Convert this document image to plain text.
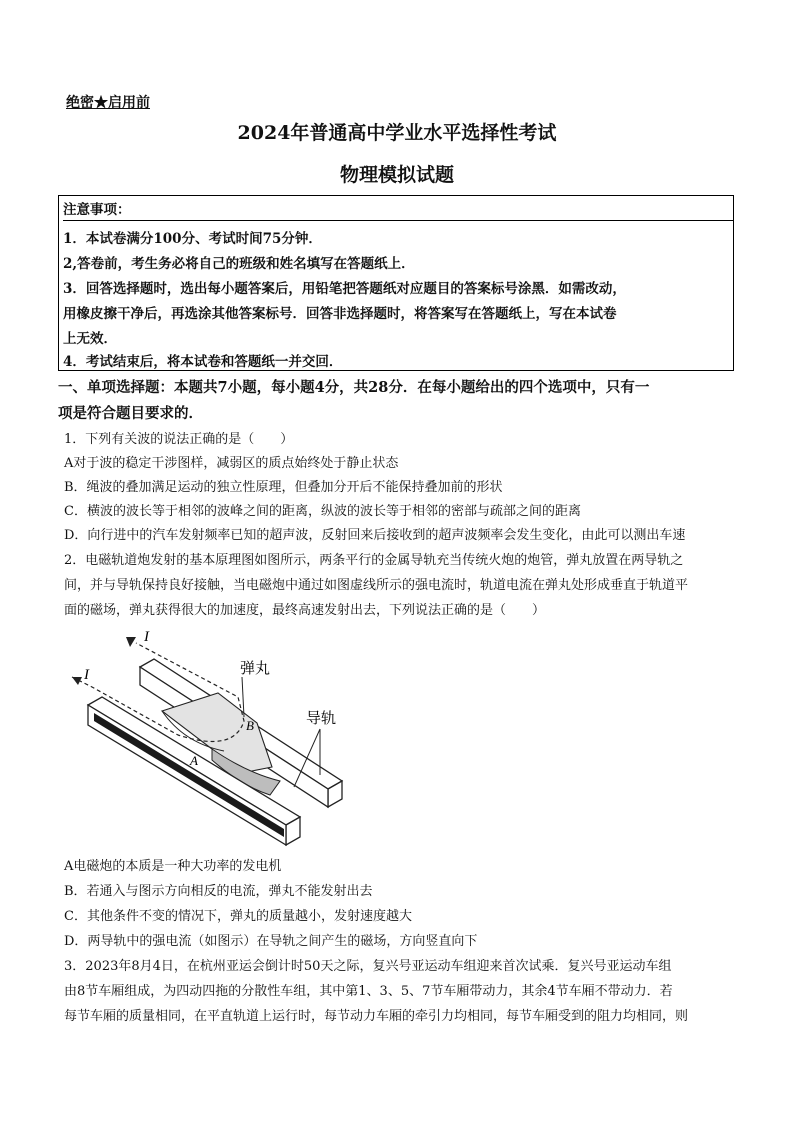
绝密★启用前
2024年普通高中学业水平选择性考试
物理模拟试题
注意事项：
1．本试卷满分100分、考试时间75分钟．
2,答卷前，考生务必将自己的班级和姓名填写在答题纸上．
3．回答选择题时，选出每小题答案后，用铅笔把答题纸对应题目的答案标号涂黑．如需改动，
用橡皮擦干净后，再选涂其他答案标号．回答非选择题时，将答案写在答题纸上，写在本试卷
上无效．
4．考试结束后，将本试卷和答题纸一并交回．
一、单项选择题：本题共7小题，每小题4分，共28分．在每小题给出的四个选项中，只有一
项是符合题目要求的．
1．下列有关波的说法正确的是（　　）
A对于波的稳定干涉图样，减弱区的质点始终处于静止状态
B．绳波的叠加满足运动的独立性原理，但叠加分开后不能保持叠加前的形状
C．横波的波长等于相邻的波峰之间的距离，纵波的波长等于相邻的密部与疏部之间的距离
D．向行进中的汽车发射频率已知的超声波，反射回来后接收到的超声波频率会发生变化，由此可以测出车速
2．电磁轨道炮发射的基本原理图如图所示，两条平行的金属导轨充当传统火炮的炮管，弹丸放置在两导轨之
间，并与导轨保持良好接触，当电磁炮中通过如图虚线所示的强电流时，轨道电流在弹丸处形成垂直于轨道平
面的磁场，弹丸获得很大的加速度，最终高速发射出去，下列说法正确的是（　　）
I
I	弹丸
B
A
导轨
A电磁炮的本质是一种大功率的发电机
B．若通入与图示方向相反的电流，弹丸不能发射出去
C．其他条件不变的情况下，弹丸的质量越小，发射速度越大
D．两导轨中的强电流（如图示）在导轨之间产生的磁场，方向竖直向下
3．2023年8月4日，在杭州亚运会倒计时50天之际，复兴号亚运动车组迎来首次试乘．复兴号亚运动车组
由8节车厢组成，为四动四拖的分散性车组，其中第1、3、5、7节车厢带动力，其余4节车厢不带动力．若
每节车厢的质量相同，在平直轨道上运行时，每节动力车厢的牵引力均相同，每节车厢受到的阻力均相同，则
